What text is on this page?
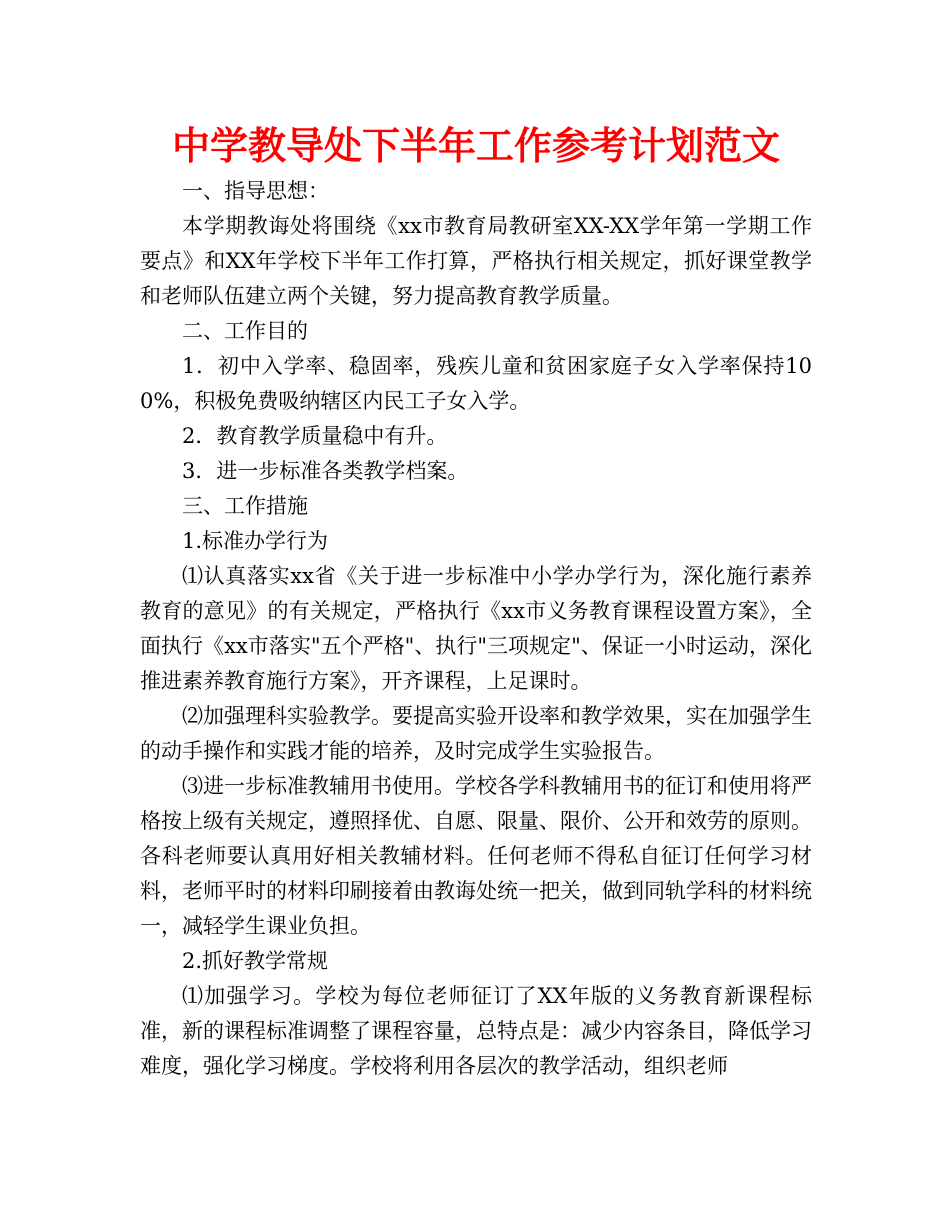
中学教导处下半年工作参考计划范文

一、指导思想：

本学期教诲处将围绕《xx市教育局教研室XX-XX学年第一学期工作要点》和XX年学校下半年工作打算，严格执行相关规定，抓好课堂教学和老师队伍建立两个关键，努力提高教育教学质量。

二、工作目的

1．初中入学率、稳固率，残疾儿童和贫困家庭子女入学率保持100%，积极免费吸纳辖区内民工子女入学。

2．教育教学质量稳中有升。

3．进一步标准各类教学档案。

三、工作措施

1.标准办学行为

⑴认真落实xx省《关于进一步标准中小学办学行为，深化施行素养教育的意见》的有关规定，严格执行《xx市义务教育课程设置方案》，全面执行《xx市落实"五个严格"、执行"三项规定"、保证一小时运动，深化推进素养教育施行方案》，开齐课程，上足课时。

⑵加强理科实验教学。要提高实验开设率和教学效果，实在加强学生的动手操作和实践才能的培养，及时完成学生实验报告。

⑶进一步标准教辅用书使用。学校各学科教辅用书的征订和使用将严格按上级有关规定，遵照择优、自愿、限量、限价、公开和效劳的原则。各科老师要认真用好相关教辅材料。任何老师不得私自征订任何学习材料，老师平时的材料印刷接着由教诲处统一把关，做到同轨学科的材料统一，减轻学生课业负担。

2.抓好教学常规

⑴加强学习。学校为每位老师征订了XX年版的义务教育新课程标准，新的课程标准调整了课程容量，总特点是：减少内容条目，降低学习难度，强化学习梯度。学校将利用各层次的教学活动，组织老师
